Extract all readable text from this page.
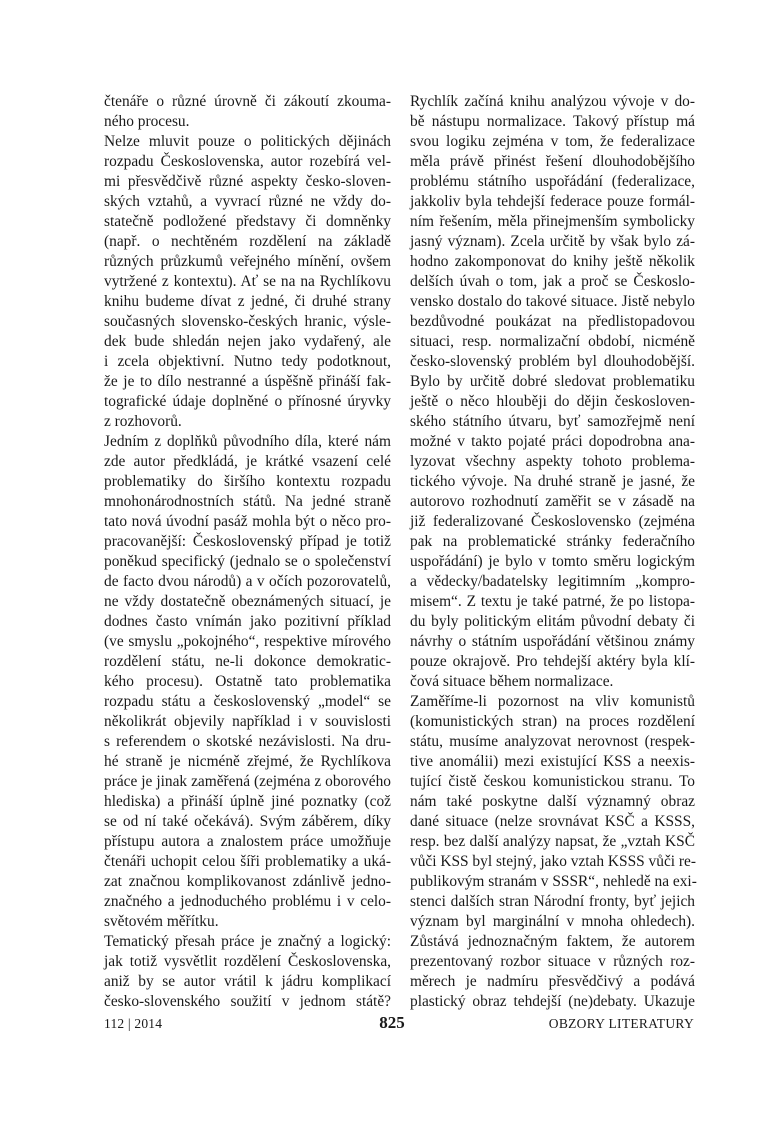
čtenáře o různé úrovně či zákoutí zkouma-
ného procesu.
Nelze mluvit pouze o politických dějinách
rozpadu Československa, autor rozebírá vel-
mi přesvědčivě různé aspekty česko-sloven-
ských vztahů, a vyvrací různé ne vždy do-
statečně podložené představy či domněnky
(např. o nechtěném rozdělení na základě
různých průzkumů veřejného mínění, ovšem
vytržené z kontextu). Ať se na na Rychlíkovu
knihu budeme dívat z jedné, či druhé strany
současných slovensko-českých hranic, výsle-
dek bude shledán nejen jako vydařený, ale
i zcela objektivní. Nutno tedy podotknout,
že je to dílo nestranné a úspěšně přináší fak-
tografické údaje doplněné o přínosné úryvky
z rozhovorů.
Jedním z doplňků původního díla, které nám
zde autor předkládá, je krátké vsazení celé
problematiky do širšího kontextu rozpadu
mnohonárodnostních států. Na jedné straně
tato nová úvodní pasáž mohla být o něco pro-
pracovanější: Československý případ je totiž
poněkud specifický (jednalo se o společenství
de facto dvou národů) a v očích pozorovatelů,
ne vždy dostatečně obeznámených situací, je
dodnes často vnímán jako pozitivní příklad
(ve smyslu „pokojného“, respektive mírového
rozdělení státu, ne-li dokonce demokratic-
kého procesu). Ostatně tato problematika
rozpadu státu a československý „model“ se
několikrát objevily například i v souvislosti
s referendem o skotské nezávislosti. Na dru-
hé straně je nicméně zřejmé, že Rychlíkova
práce je jinak zaměřená (zejména z oborového
hlediska) a přináší úplně jiné poznatky (což
se od ní také očekává). Svým záběrem, díky
přístupu autora a znalostem práce umožňuje
čtenáři uchopit celou šíři problematiky a uká-
zat značnou komplikovanost zdánlivě jedno-
značného a jednoduchého problému i v celo-
světovém měřítku.
Tematický přesah práce je značný a logický:
jak totiž vysvětlit rozdělení Československa,
aniž by se autor vrátil k jádru komplikací
česko-slovenského soužití v jednom státě?
Rychlík začíná knihu analýzou vývoje v do-
bě nástupu normalizace. Takový přístup má
svou logiku zejména v tom, že federalizace
měla právě přinést řešení dlouhodobějšího
problému státního uspořádání (federalizace,
jakkoliv byla tehdejší federace pouze formál-
ním řešením, měla přinejmenším symbolicky
jasný význam). Zcela určitě by však bylo zá-
hodno zakomponovat do knihy ještě několik
delších úvah o tom, jak a proč se Českoslo-
vensko dostalo do takové situace. Jistě nebylo
bezdůvodné poukázat na předlistopadovou
situaci, resp. normalizační období, nicméně
česko-slovenský problém byl dlouhodobější.
Bylo by určitě dobré sledovat problematiku
ještě o něco hlouběji do dějin českosloven-
ského státního útvaru, byť samozřejmě není
možné v takto pojaté práci dopodrobna ana-
lyzovat všechny aspekty tohoto problema-
tického vývoje. Na druhé straně je jasné, že
autorovo rozhodnutí zaměřit se v zásadě na
již federalizované Československo (zejména
pak na problematické stránky federačního
uspořádání) je bylo v tomto směru logickým
a vědecky/badatelsky legitimním „kompro-
misem“. Z textu je také patrné, že po listopa-
du byly politickým elitám původní debaty či
návrhy o státním uspořádání většinou známy
pouze okrajově. Pro tehdejší aktéry byla klí-
čová situace během normalizace.
Zaměříme-li pozornost na vliv komunistů
(komunistických stran) na proces rozdělení
státu, musíme analyzovat nerovnost (respek-
tive anomálii) mezi existující KSS a neexis-
tující čistě českou komunistickou stranu. To
nám také poskytne další významný obraz
dané situace (nelze srovnávat KSČ a KSSS,
resp. bez další analýzy napsat, že „vztah KSČ
vůči KSS byl stejný, jako vztah KSSS vůči re-
publikovým stranám v SSSR“, nehledě na exi-
stenci dalších stran Národní fronty, byť jejich
význam byl marginální v mnoha ohledech).
Zůstává jednoznačným faktem, že autorem
prezentovaný rozbor situace v různých roz-
měrech je nadmíru přesvědčivý a podává
plastický obraz tehdejší (ne)debaty. Ukazuje
112 | 2014	825	OBZORY LITERATURY
